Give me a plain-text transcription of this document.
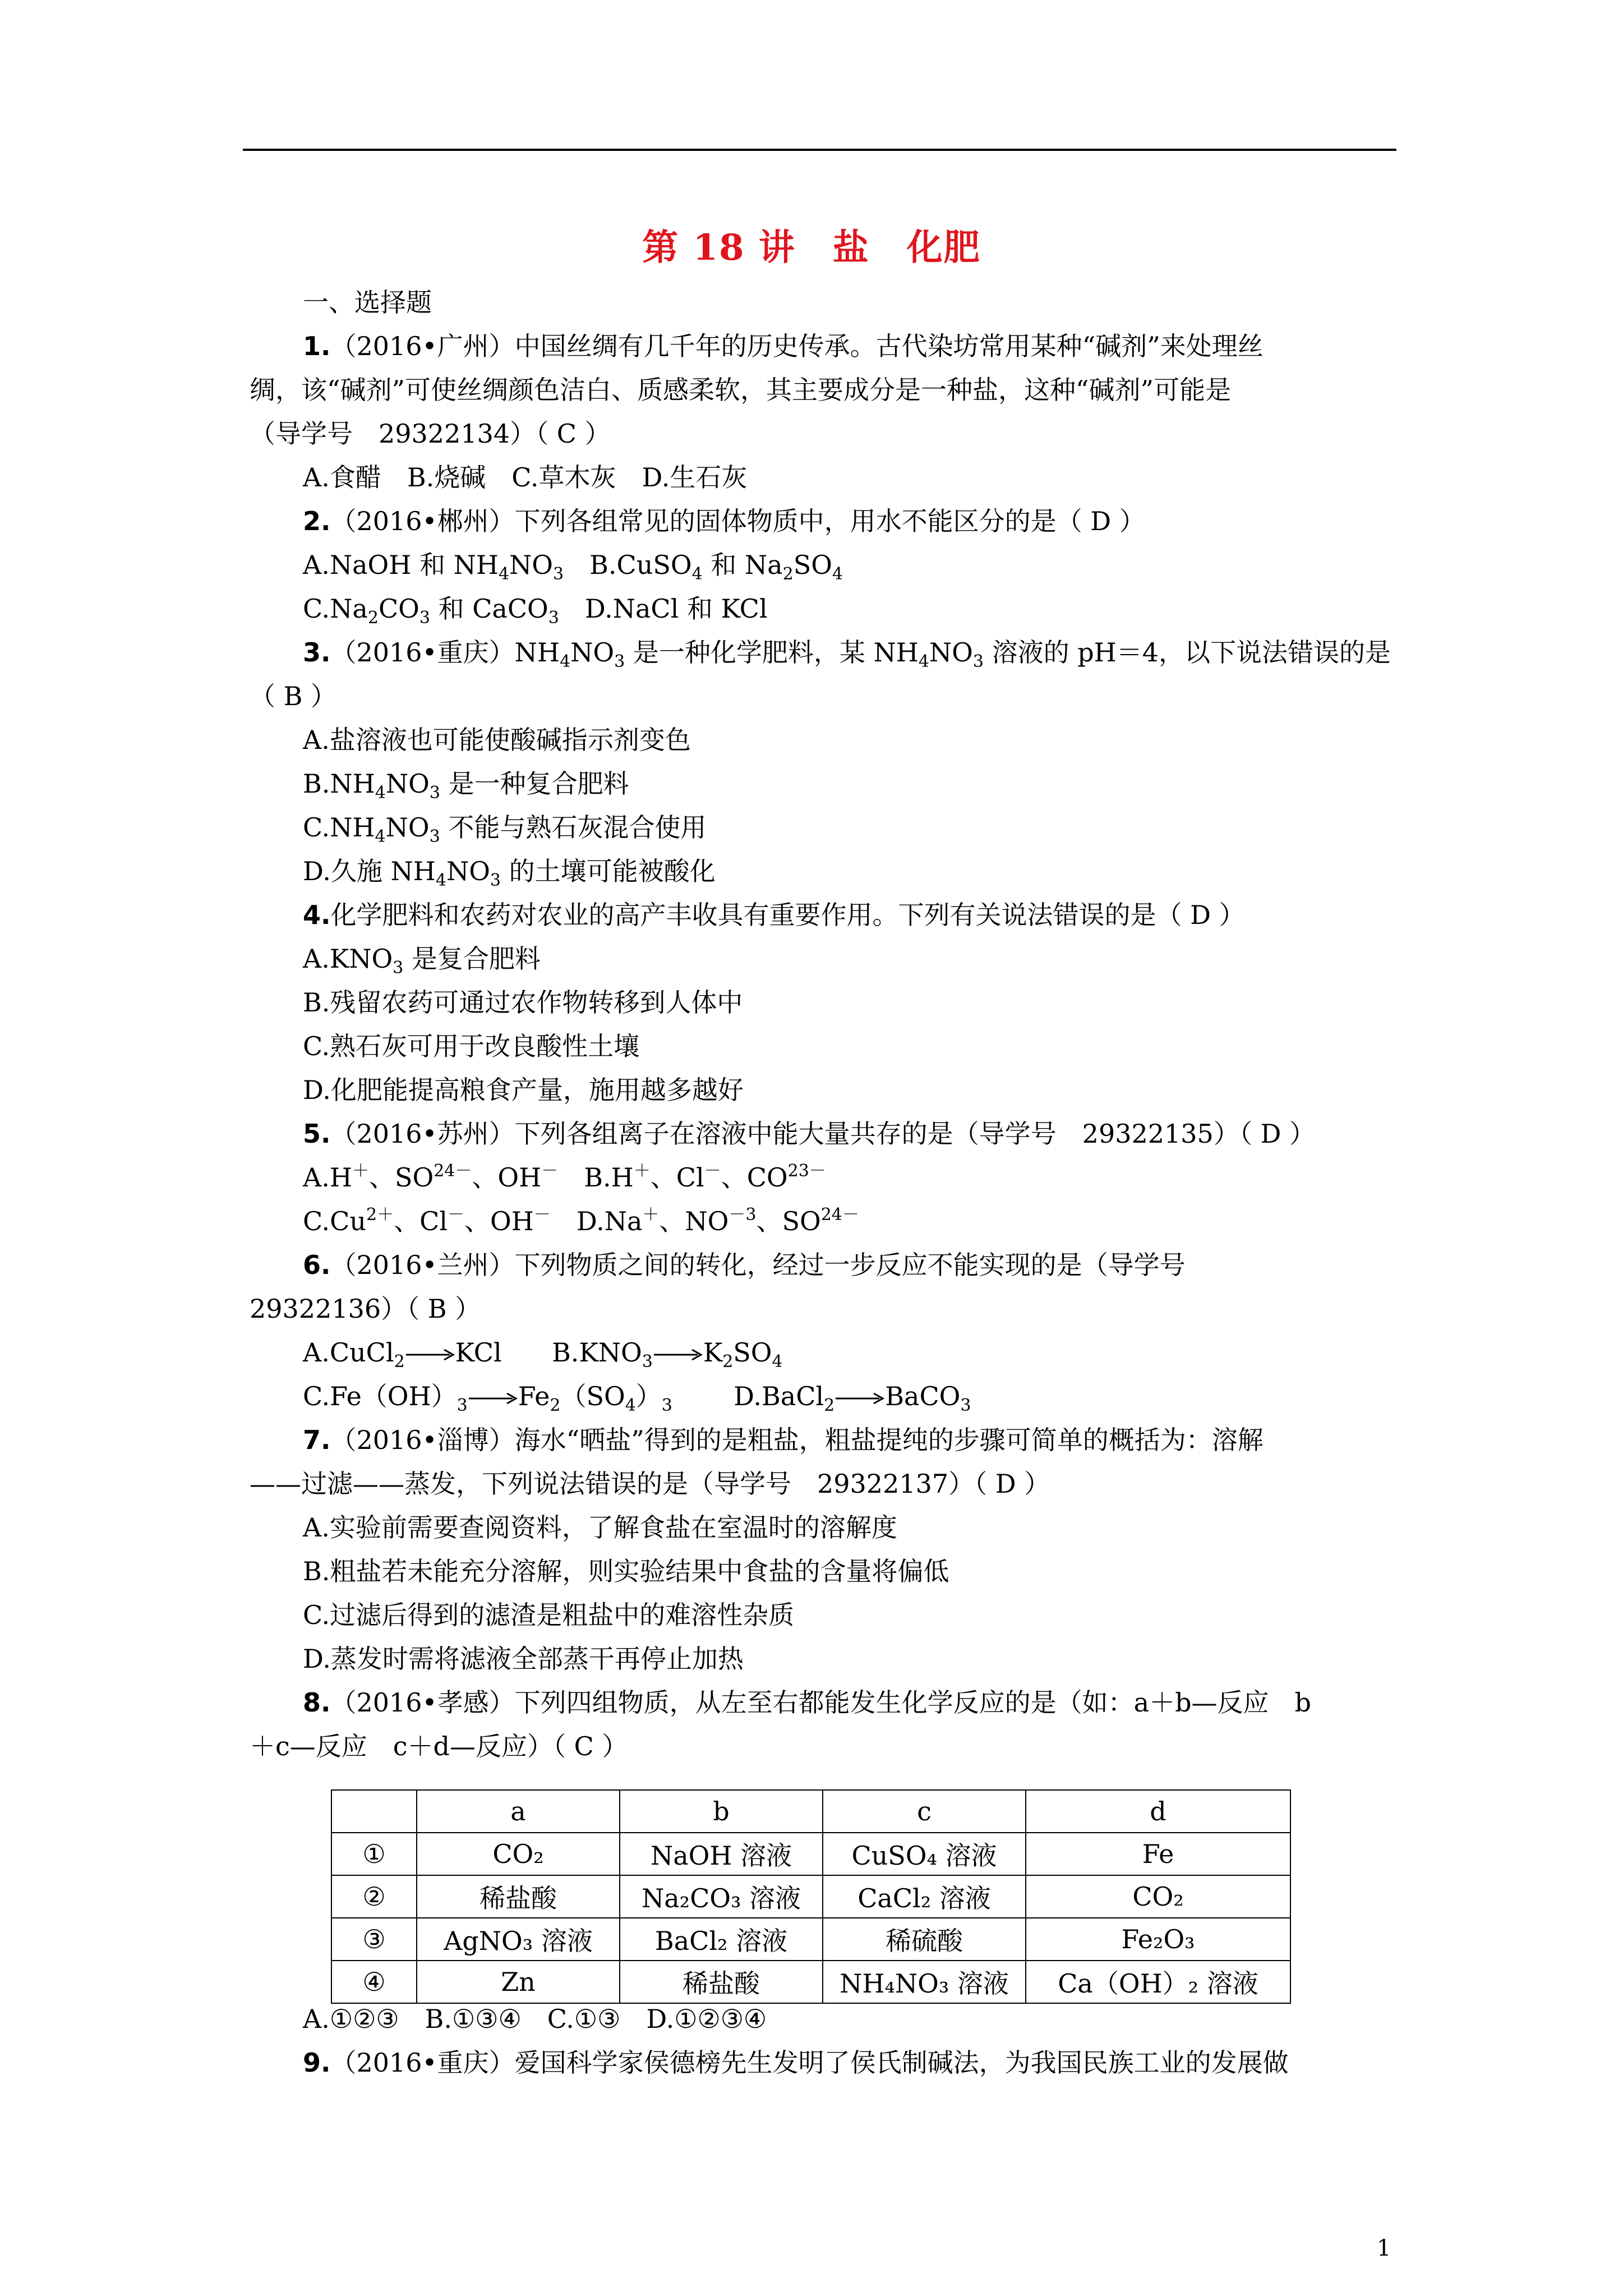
第 18 讲　盐　化肥
一、选择题
1.（2016•广州）中国丝绸有几千年的历史传承。古代染坊常用某种“碱剂”来处理丝
绸，该“碱剂”可使丝绸颜色洁白、质感柔软，其主要成分是一种盐，这种“碱剂”可能是
（导学号　29322134）（ C ）
A.食醋　B.烧碱　C.草木灰　D.生石灰
2.（2016•郴州）下列各组常见的固体物质中，用水不能区分的是（ D ）
A.NaOH 和 $NH_4NO_3$　B.CuSO$_4$ 和 $Na_2SO_4$
$C.Na_2CO_3$ 和 CaCO$_3$　D.NaCl 和 KCl
3.（2016•重庆）$NH_4NO_3$ 是一种化学肥料，某 $NH_4NO_3$ 溶液的 pH＝4，以下说法错误的是
（ B ）
A.盐溶液也可能使酸碱指示剂变色
$B.NH_4NO_3$ 是一种复合肥料
$C.NH_4NO_3$ 不能与熟石灰混合使用
D.久施 $NH_4NO_3$ 的土壤可能被酸化
4.化学肥料和农药对农业的高产丰收具有重要作用。下列有关说法错误的是（ D ）
$A.KNO_3$ 是复合肥料
B.残留农药可通过农作物转移到人体中
C.熟石灰可用于改良酸性土壤
D.化肥能提高粮食产量，施用越多越好
5.（2016•苏州）下列各组离子在溶液中能大量共存的是（导学号　29322135）（ D ）
A.H＋、$SO^{24-}$、OH－　B.H＋、Cl－、$CO^{23-}$
$C.Cu^{2+}$、Cl－、OH－　D.Na＋、$NO^{-3}$、$SO^{24-}$
6.（2016•兰州）下列物质之间的转化，经过一步反应不能实现的是（导学号
29322136）（ B ）
A.CuCl$_2$ KCl $B.KNO_3$ $K_2SO_4$
$C.Fe(OH)_3$ $Fe_2(SO_4)_3$ D.BaCl$_2$ BaCO$_3$
7.（2016•淄博）海水“晒盐”得到的是粗盐，粗盐提纯的步骤可简单的概括为：溶解
——过滤——蒸发，下列说法错误的是（导学号　29322137）（ D ）
A.实验前需要查阅资料，了解食盐在室温时的溶解度
B.粗盐若未能充分溶解，则实验结果中食盐的含量将偏低
C.过滤后得到的滤渣是粗盐中的难溶性杂质
D.蒸发时需将滤液全部蒸干再停止加热
8.（2016•孝感）下列四组物质，从左至右都能发生化学反应的是（如：a＋b—反应　b
＋c—反应　c＋d—反应）（ C ）
	a	b	c	d
①	CO₂	NaOH 溶液	CuSO₄ 溶液	Fe
②	稀盐酸	Na₂CO₃ 溶液	CaCl₂ 溶液	CO₂
③	AgNO₃ 溶液	BaCl₂ 溶液	稀硫酸	Fe₂O₃
④	Zn	稀盐酸	NH₄NO₃ 溶液	Ca（OH）₂ 溶液
A.①②③　B.①③④　C.①③　D.①②③④
9.（2016•重庆）爱国科学家侯德榜先生发明了侯氏制碱法，为我国民族工业的发展做
1
